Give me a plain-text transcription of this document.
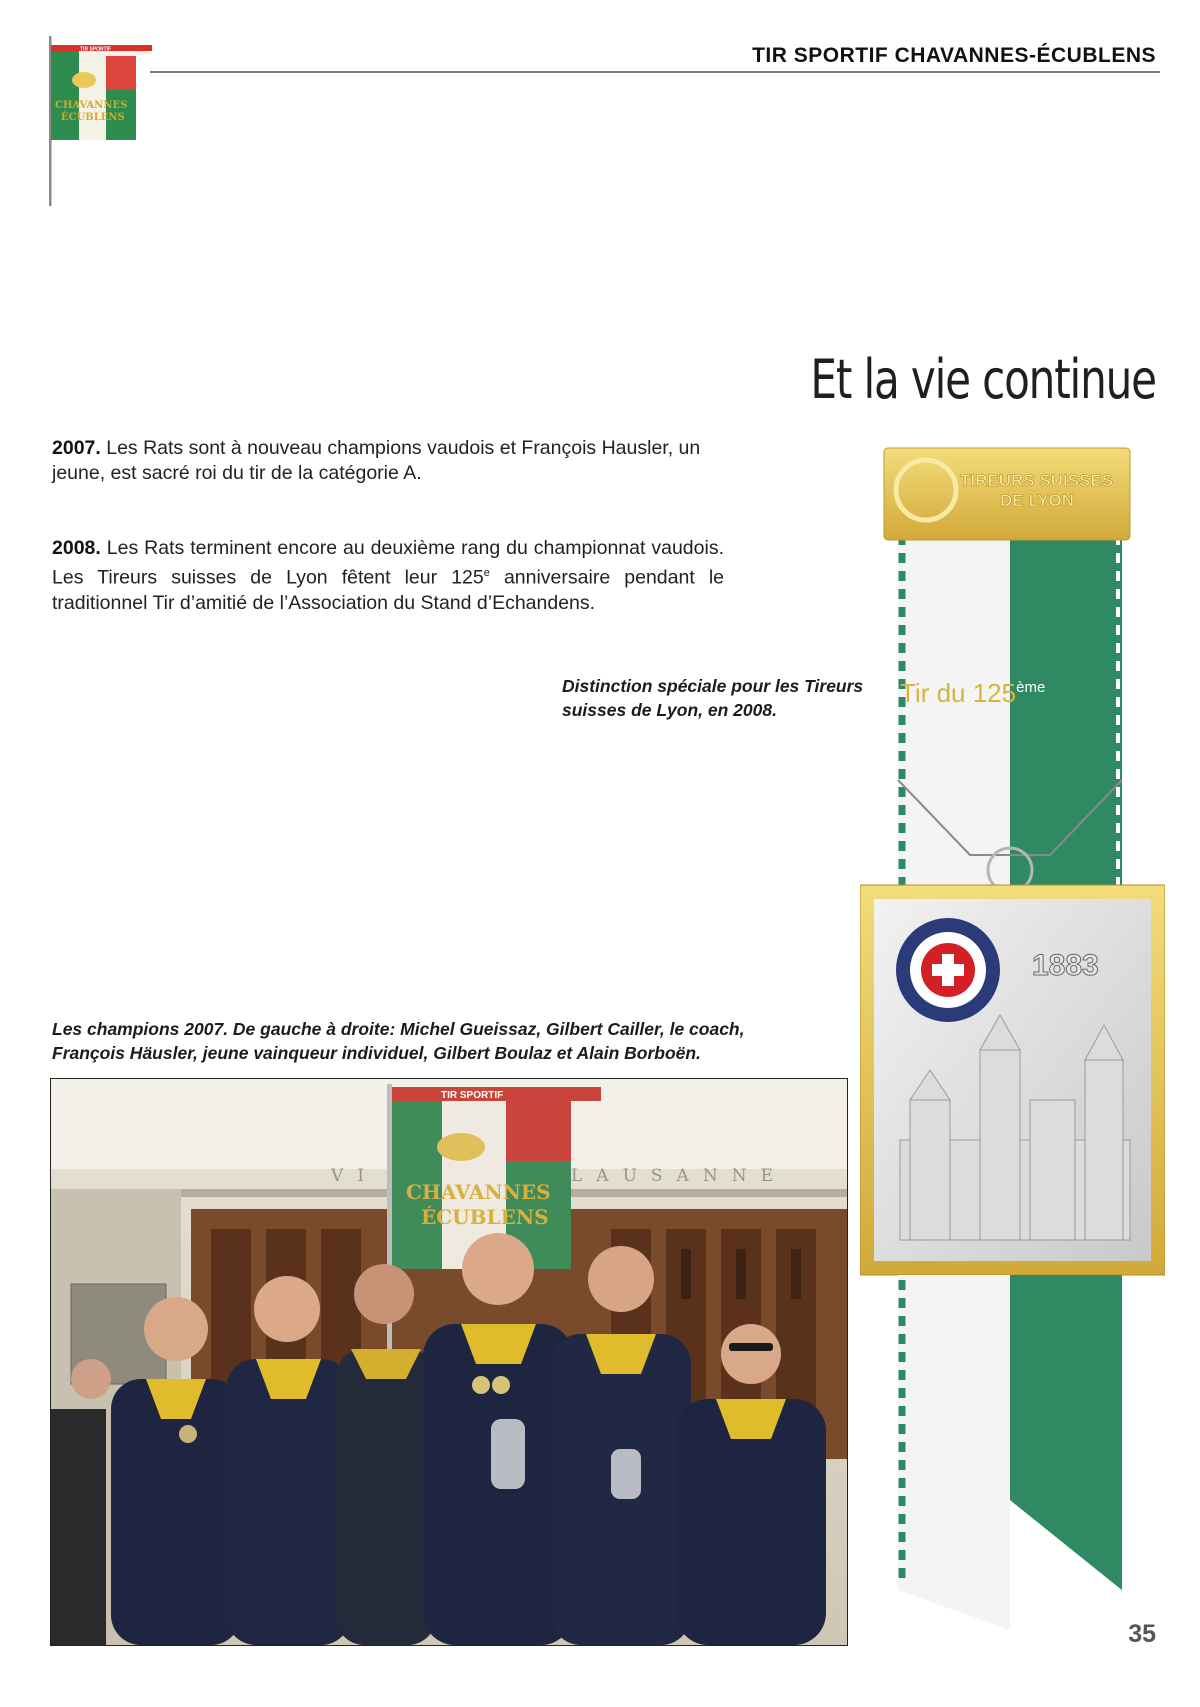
TIR SPORTIF CHAVANNES-ÉCUBLENS
TIR SPORTIF
CHAVANNES
ÉCUBLENS
Et la vie continue
2007. Les Rats sont à nouveau champions vaudois et François Hausler, un jeune, est sacré roi du tir de la catégorie A.
2008. Les Rats terminent encore au deuxième rang du championnat vaudois. Les Tireurs suisses de Lyon fêtent leur 125e anniversaire pendant le traditionnel Tir d’amitié de l’Association du Stand d’Echandens.
Distinction spéciale pour les Tireurs suisses de Lyon, en 2008.
Les champions 2007. De gauche à droite: Michel Gueissaz, Gilbert Cailler, le coach, François Häusler, jeune vainqueur individuel, Gilbert Boulaz et Alain Borboën.
VI	LAUSANNE
TIR SPORTIF
CHAVANNES
ÉCUBLENS
TIREURS SUISSES
DE LYON
Tir du 125ème
1883
35
